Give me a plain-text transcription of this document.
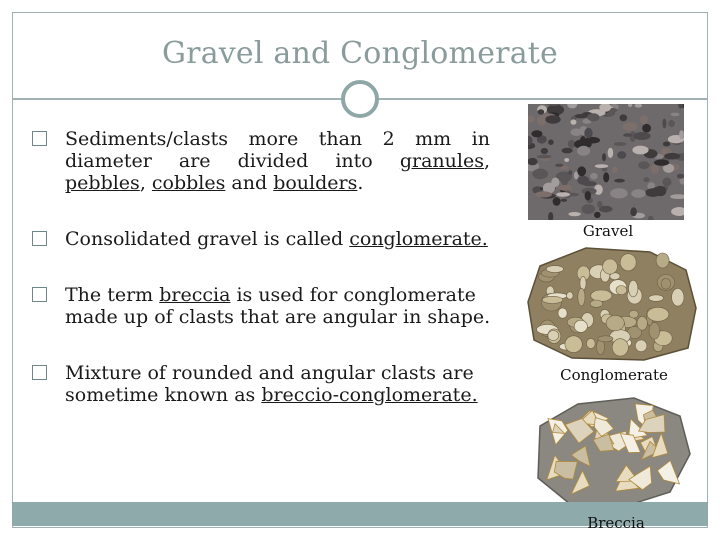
Gravel and Conglomerate
Sediments/clasts more than 2 mm in diameter are divided into granules, pebbles, cobbles and boulders.
Consolidated gravel is called conglomerate.
The term breccia is used for conglomerate made up of clasts that are angular in shape.
Mixture of rounded and angular clasts are sometime known as breccio-conglomerate.
Gravel
Conglomerate
Breccia
